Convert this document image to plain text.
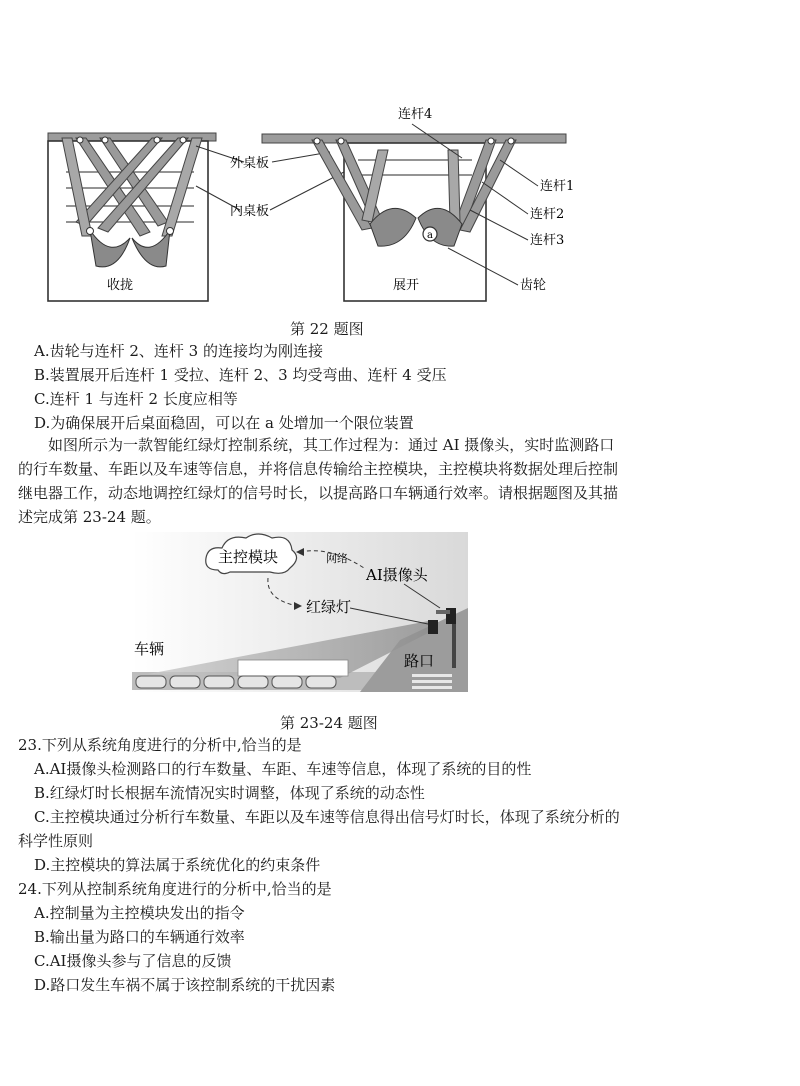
收拢
外桌板
内桌板
a
展开
连杆4
连杆1
连杆2
连杆3
齿轮
第 22 题图
A.齿轮与连杆 2、连杆 3 的连接均为刚连接
B.装置展开后连杆 1 受拉、连杆 2、3 均受弯曲、连杆 4 受压
C.连杆 1 与连杆 2 长度应相等
D.为确保展开后桌面稳固，可以在 a 处增加一个限位装置
如图所示为一款智能红绿灯控制系统，其工作过程为：通过 AI 摄像头，实时监测路口
的行车数量、车距以及车速等信息，并将信息传输给主控模块，主控模块将数据处理后控制
继电器工作，动态地调控红绿灯的信号时长，以提高路口车辆通行效率。请根据题图及其描
述完成第 23-24 题。
主控模块	网络
AI摄像头
红绿灯
车辆
路口
第 23-24 题图
23.下列从系统角度进行的分析中,恰当的是
A.AI摄像头检测路口的行车数量、车距、车速等信息，体现了系统的目的性
B.红绿灯时长根据车流情况实时调整，体现了系统的动态性
C.主控模块通过分析行车数量、车距以及车速等信息得出信号灯时长，体现了系统分析的
科学性原则
D.主控模块的算法属于系统优化的约束条件
24.下列从控制系统角度进行的分析中,恰当的是
A.控制量为主控模块发出的指令
B.输出量为路口的车辆通行效率
C.AI摄像头参与了信息的反馈
D.路口发生车祸不属于该控制系统的干扰因素
